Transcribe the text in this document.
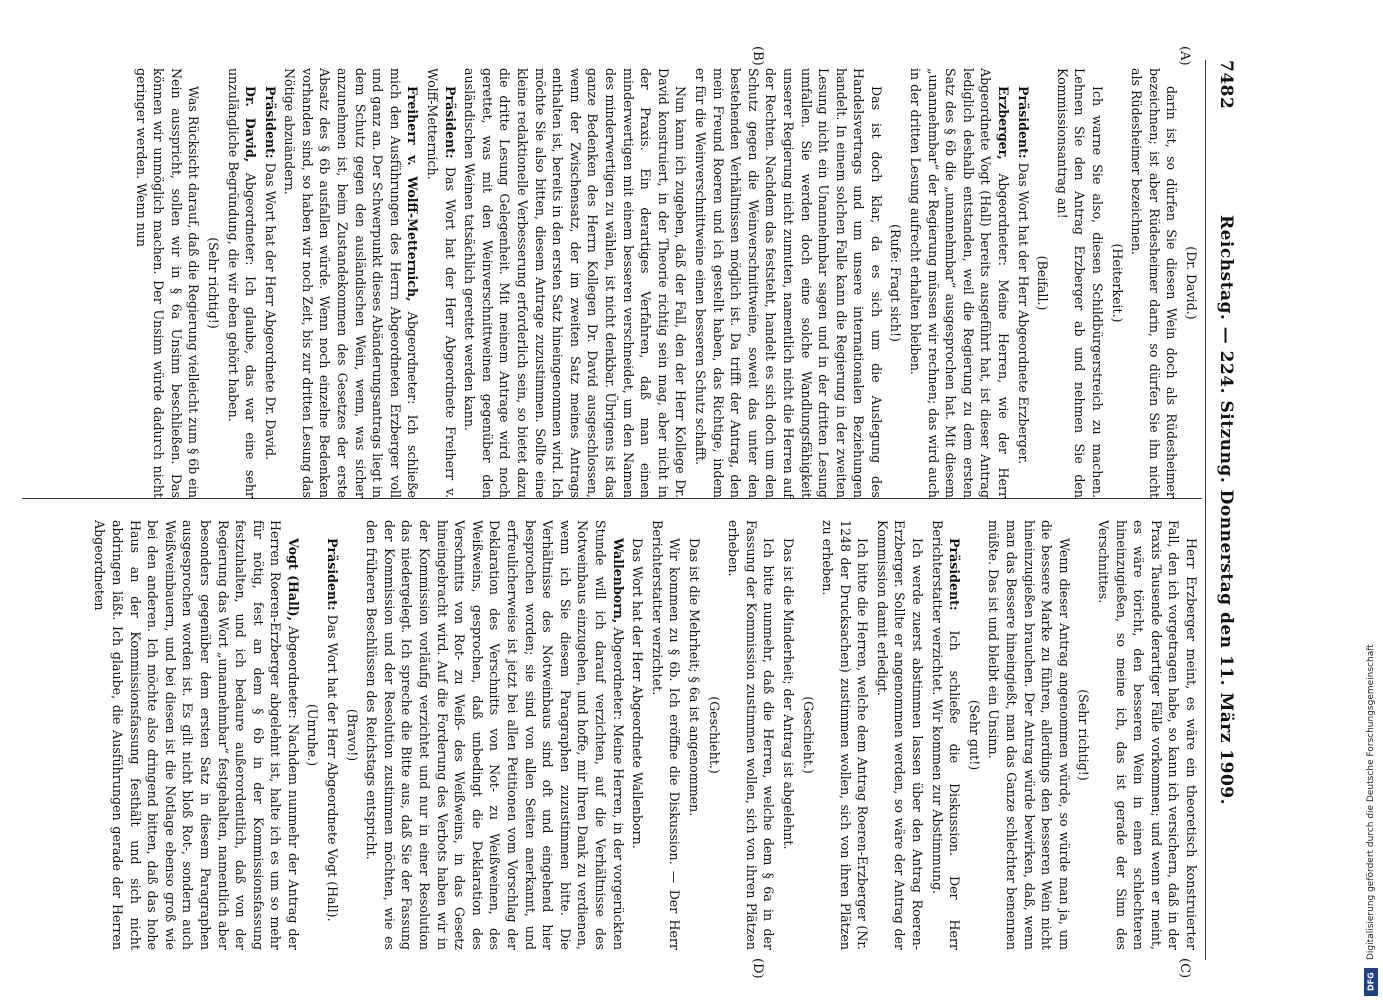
7482
Reichstag. — 224. Sitzung. Donnerstag den 11. März 1909.
(A)
(B)
(C)
(D)

(Dr. David.)

darin ist, so dürfen Sie diesen Wein doch als Rüdesheimer bezeichnen; ist aber Rüdesheimer darin, so dürfen Sie ihn nicht als Rüdesheimer bezeichnen.

(Heiterkeit.)

Ich warne Sie also, diesen Schildbürgerstreich zu machen. Lehnen Sie den Antrag Erzberger ab und nehmen Sie den Kommissionsantrag an!

(Beifall.)

Präsident: Das Wort hat der Herr Abgeordnete Erzberger.

Erzberger, Abgeordneter: Meine Herren, wie der Herr Abgeordnete Vogt (Hall) bereits ausgeführt hat, ist dieser Antrag lediglich deshalb entstanden, weil die Regierung zu dem ersten Satz des § 6b die „unannehmbar“ ausgesprochen hat. Mit diesem „unannehmbar“ der Regierung müssen wir rechnen; das wird auch in der dritten Lesung aufrecht erhalten bleiben.

(Rufe: Fragt sich!)

Das ist doch klar, da es sich um die Auslegung des Handelsvertrags und um unsere internationalen Beziehungen handelt. In einem solchen Falle kann die Regierung in der zweiten Lesung nicht ein Unannehmbar sagen und in der dritten Lesung umfallen. Sie werden doch eine solche Wandlungsfähigkeit unserer Regierung nicht zumuten, namentlich nicht die Herren auf der Rechten. Nachdem das feststeht, handelt es sich doch um den Schutz gegen die Weinverschnittweine, soweit das unter den bestehenden Verhältnissen möglich ist. Da trifft der Antrag, den mein Freund Roeren und ich gestellt haben, das Richtige, indem er für die Weinverschnittweine einen besseren Schutz schafft.

Nun kann ich zugeben, daß der Fall, den der Herr Kollege Dr. David konstruiert, in der Theorie richtig sein mag, aber nicht in der Praxis. Ein derartiges Verfahren, daß man einen minderwertigen mit einem besseren verschneidet, um den Namen des minderwertigen zu wählen, ist nicht denkbar. Übrigens ist das ganze Bedenken des Herrn Kollegen Dr. David ausgeschlossen, wenn der Zwischensatz, der im zweiten Satz meines Antrags enthalten ist, bereits in den ersten Satz hineingenommen wird. Ich möchte Sie also bitten, diesem Antrage zuzustimmen. Sollte eine kleine redaktionelle Verbesserung erforderlich sein, so bietet dazu die dritte Lesung Gelegenheit. Mit meinem Antrage wird noch gerettet, was mit den Weinverschnittweinen gegenüber den ausländischen Weinen tatsächlich gerettet werden kann.

Präsident: Das Wort hat der Herr Abgeordnete Freiherr v. Wolff-Metternich.

Freiherr v. Wolff-Metternich, Abgeordneter: Ich schließe mich den Ausführungen des Herrn Abgeordneten Erzberger voll und ganz an. Der Schwerpunkt dieses Abänderungsantrags liegt in dem Schutz gegen den ausländischen Wein, wenn, was sicher anzunehmen ist, beim Zustandekommen des Gesetzes der erste Absatz des § 6b ausfallen würde. Wenn noch einzelne Bedenken vorhanden sind, so haben wir noch Zeit, bis zur dritten Lesung das Nötige abzuändern.

Präsident: Das Wort hat der Herr Abgeordnete Dr. David.

Dr. David, Abgeordneter: Ich glaube, das war eine sehr unzulängliche Begründung, die wir eben gehört haben.

(Sehr richtig!)

Was Rücksicht darauf, daß die Regierung vielleicht zum § 6b ein Nein ausspricht, sollen wir in § 6a Unsinn beschließen. Das können wir unmöglich machen. Der Unsinn würde dadurch nicht geringer werden. Wenn nun

Herr Erzberger meint, es wäre ein theoretisch konstruierter Fall, den ich vorgetragen habe, so kann ich versichern, daß in der Praxis Tausende derartiger Fälle vorkommen; und wenn er meint, es wäre töricht, den besseren Wein in einen schlechteren hineinzugießen, so meine ich, das ist gerade der Sinn des Verschnittes.

(Sehr richtig!)

Wenn dieser Antrag angenommen würde, so würde man ja, um die bessere Marke zu führen, allerdings den besseren Wein nicht hineinzugießen brauchen. Der Antrag würde bewirken, daß, wenn man das Bessere hineingießt, man das Ganze schlechter benennen müßte. Das ist und bleibt ein Unsinn.

(Sehr gut!)

Präsident: Ich schließe die Diskussion. Der Herr Berichterstatter verzichtet. Wir kommen zur Abstimmung.

Ich werde zuerst abstimmen lassen über den Antrag Roeren-Erzberger. Sollte er angenommen werden, so wäre der Antrag der Kommission damit erledigt.

Ich bitte die Herren, welche dem Antrag Roeren-Erzberger (Nr. 1248 der Drucksachen) zustimmen wollen, sich von ihren Plätzen zu erheben.

(Geschieht.)

Das ist die Minderheit; der Antrag ist abgelehnt.

Ich bitte nunmehr, daß die Herren, welche dem § 6a in der Fassung der Kommission zustimmen wollen, sich von ihren Plätzen erheben.

(Geschieht.)

Das ist die Mehrheit; § 6a ist angenommen.

Wir kommen zu § 6b. Ich eröffne die Diskussion. — Der Herr Berichterstatter verzichtet.

Das Wort hat der Herr Abgeordnete Wallenborn.

Wallenborn, Abgeordneter: Meine Herren, in der vorgerückten Stunde will ich darauf verzichten, auf die Verhältnisse des Notweinbaus einzugehen, und hoffe, mir Ihren Dank zu verdienen, wenn ich Sie diesem Paragraphen zuzustimmen bitte. Die Verhältnisse des Notweinbaus sind oft und eingehend hier besprochen worden; sie sind von allen Seiten anerkannt, und erfreulicherweise ist jetzt bei allen Petitionen vom Vorschlag der Deklaration des Verschnitts von Not- zu Weißweinen, des Weißweins, gesprochen, daß unbedingt die Deklaration des Verschnitts von Rot- zu Weiß- des Weißweins, in das Gesetz hineingebracht wird. Auf die Forderung des Verbots haben wir in der Kommission vorläufig verzichtet und nur in einer Resolution das niedergelegt. Ich spreche die Bitte aus, daß Sie der Fassung der Kommission und der Resolution zustimmen möchten, wie es den früheren Beschlüssen des Reichstags entspricht.

(Bravo!)

Präsident: Das Wort hat der Herr Abgeordnete Vogt (Hall).

(Unruhe.)

Vogt (Hall), Abgeordneter: Nachdem nunmehr der Antrag der Herren Roeren-Erzberger abgelehnt ist, halte ich es um so mehr für nötig, fest an dem § 6b in der Kommissionsfassung festzuhalten, und ich bedaure außerordentlich, daß von der Regierung das Wort „unannehmbar“ festgehalten, namentlich aber besonders gegenüber dem ersten Satz in diesem Paragraphen ausgesprochen worden ist. Es gilt nicht bloß Rot-, sondern auch Weißweinbauern, und bei diesen ist die Notlage ebenso groß wie bei den anderen. Ich möchte also dringend bitten, daß das hohe Haus an der Kommissionsfassung festhält und sich nicht abdringen läßt. Ich glaube, die Ausführungen gerade der Herren Abgeordneten

Digitalisierung gefördert durch die Deutsche Forschungsgemeinschaft
DFG
